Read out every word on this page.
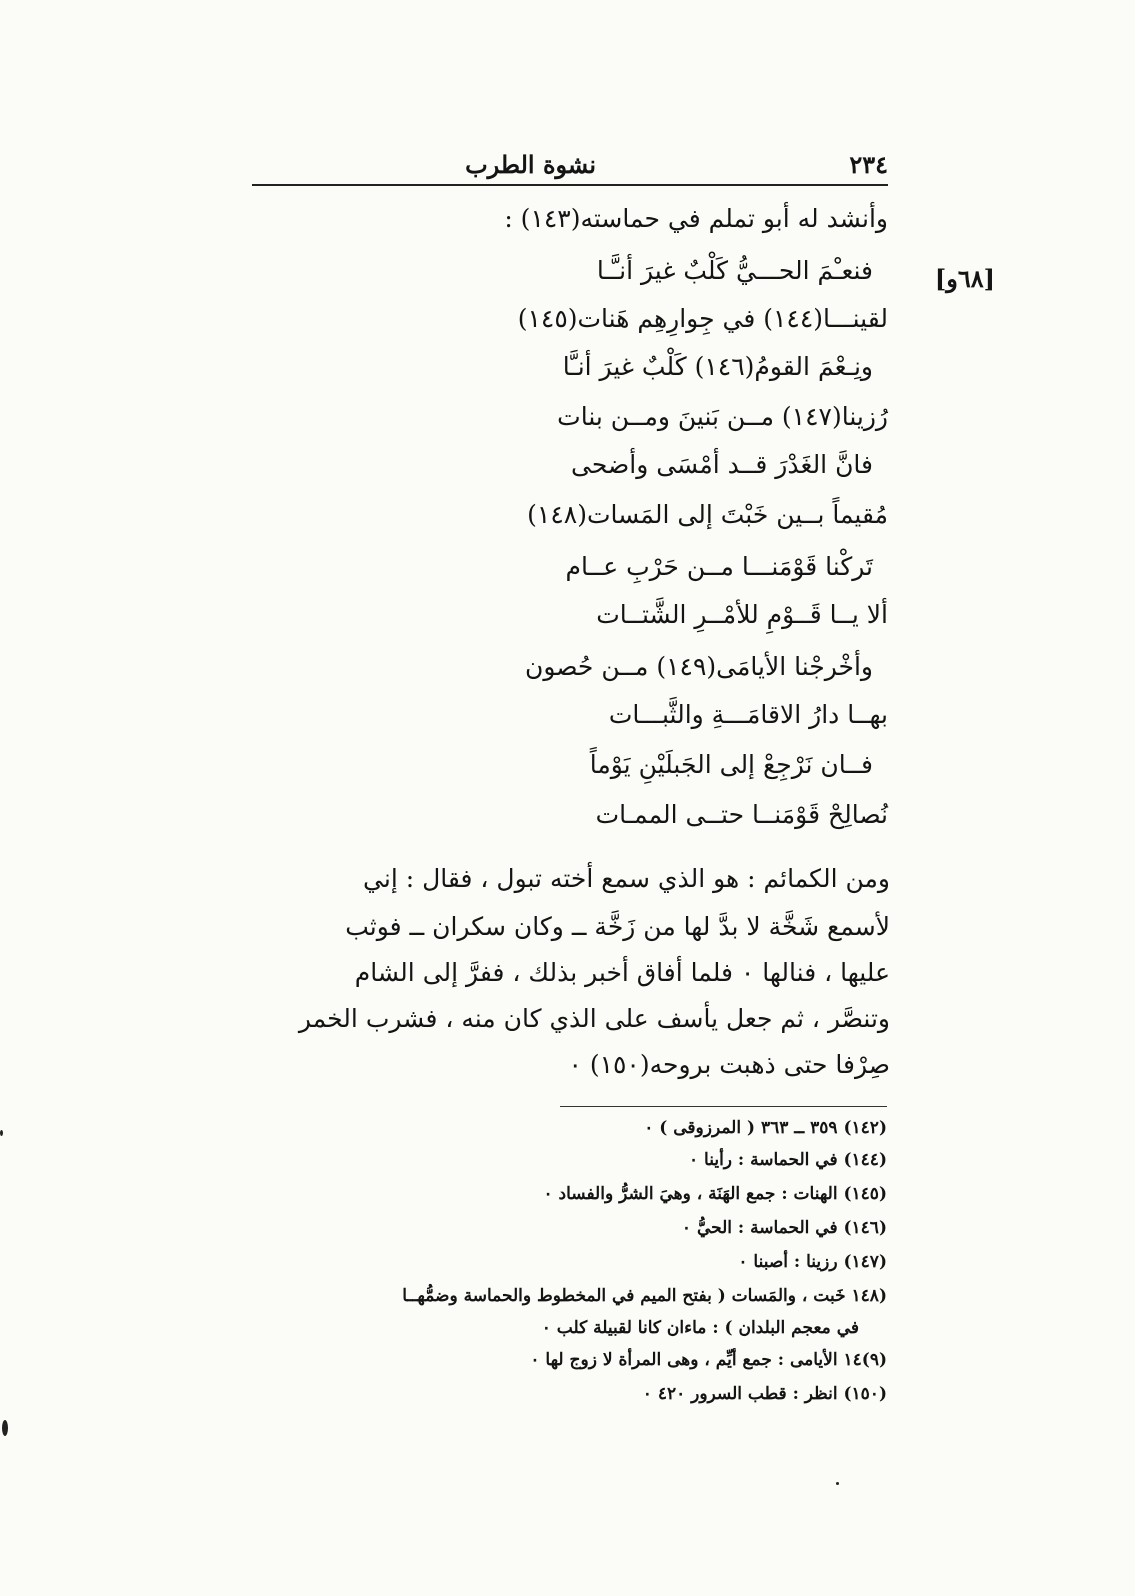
٢٣٤
نشوة الطرب
[٦٨و]
وأنشد له أبو تملم في حماسته(١٤٣) :
فنعـْمَ الحـــيُّ كَلْبٌ غيرَ أنـَّـا
لقينـــا(١٤٤) في جِوارِهِم هَنات(١٤٥)
ونِـعْمَ القومُ(١٤٦) كَلْبٌ غيرَ أنـَّا
رُزينا(١٤٧) مــن بَنينَ ومــن بنات
فانَّ الغَدْرَ قــد أمْسَى وأضحى
مُقيماً بــين خَبْتَ إلى المَسات(١٤٨)
تَركْنا قَوْمَنـــا مــن حَرْبِ عــام
ألا يــا قَــوْمِ للأمْــرِ الشَّتــات
وأخْرجْنا الأيامَى(١٤٩) مــن حُصون
بهــا دارُ الاقامَـــةِ والثَّبـــات
فــان نَرْجِعْ إلى الجَبلَيْنِ يَوْماً
نُصالِحْ قَوْمَنــا حتــى الممـات
ومن الكمائم : هو الذي سمع أخته تبول ، فقال : إني
لأسمع شَخَّة لا بدَّ لها من زَخَّة ــ وكان سكران ــ فوثب
عليها ، فنالها ٠ فلما أفاق أخبر بذلك ، ففرَّ إلى الشام
وتنصَّر ، ثم جعل يأسف على الذي كان منه ، فشرب الخمر
صِرْفا حتى ذهبت بروحه(١٥٠) ٠
(١٤٢) ٣٥٩ ــ ٣٦٣ ( المرزوقى ) ٠
(١٤٤) في الحماسة : رأينا ٠
(١٤٥) الهنات : جمع الهَنَة ، وهيَ الشرُّ والفساد ٠
(١٤٦) في الحماسة : الحيُّ ٠
(١٤٧) رزينا : أصبنا ٠
(١٤٨ خَبت ، والمَسات ( بفتح الميم في المخطوط والحماسة وضمُّهــا
في معجم البلدان ) : ماءان كانا لقبيلة كلب ٠
(٩)١٤ الأيامى : جمع أيِّم ، وهى المرأة لا زوج لها ٠
(١٥٠) انظر : قطب السرور ٤٢٠ ٠
